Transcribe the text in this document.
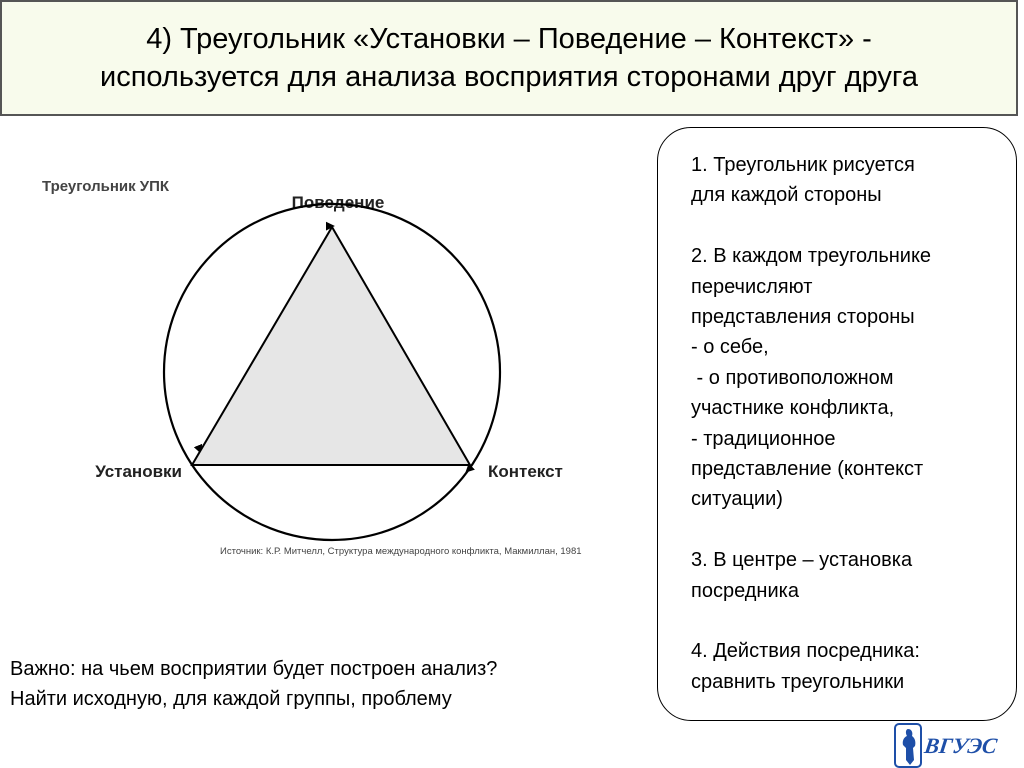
4) Треугольник «Установки – Поведение – Контекст» -
используется для анализа восприятия сторонами друг друга
Треугольник УПК
Поведение
Установки	Контекст
Источник: К.Р. Митчелл, Структура международного конфликта, Макмиллан, 1981

1. Треугольник рисуется

для каждой стороны

2. В каждом треугольнике

перечисляют

представления стороны

- о себе,

- о противоположном

участнике конфликта,

- традиционное

представление (контекст

ситуации)

3. В центре – установка

посредника

4. Действия посредника:

сравнить треугольники

Важно: на чьем восприятии будет построен анализ?
Найти исходную, для каждой группы, проблему
ВГУЭС
